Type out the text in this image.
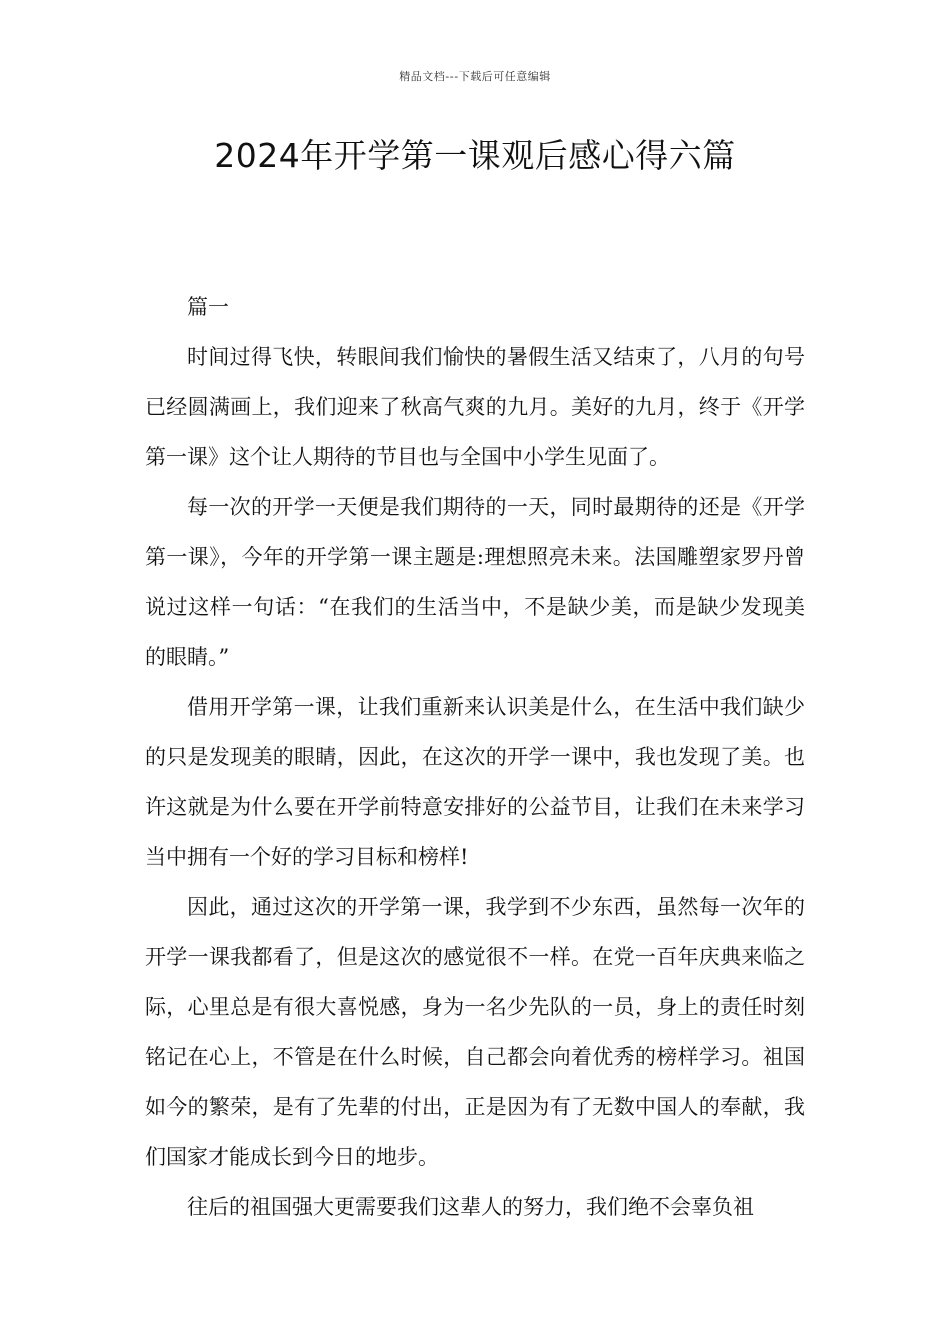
精品文档---下载后可任意编辑
2024年开学第一课观后感心得六篇

篇一

时间过得飞快，转眼间我们愉快的暑假生活又结束了，八月的句号已经圆满画上，我们迎来了秋高气爽的九月。美好的九月，终于《开学第一课》这个让人期待的节目也与全国中小学生见面了。

每一次的开学一天便是我们期待的一天，同时最期待的还是《开学第一课》，今年的开学第一课主题是:理想照亮未来。法国雕塑家罗丹曾说过这样一句话：“在我们的生活当中，不是缺少美，而是缺少发现美的眼睛。”

借用开学第一课，让我们重新来认识美是什么，在生活中我们缺少的只是发现美的眼睛，因此，在这次的开学一课中，我也发现了美。也许这就是为什么要在开学前特意安排好的公益节目，让我们在未来学习当中拥有一个好的学习目标和榜样!

因此，通过这次的开学第一课，我学到不少东西，虽然每一次年的开学一课我都看了，但是这次的感觉很不一样。在党一百年庆典来临之际，心里总是有很大喜悦感，身为一名少先队的一员，身上的责任时刻铭记在心上，不管是在什么时候，自己都会向着优秀的榜样学习。祖国如今的繁荣，是有了先辈的付出，正是因为有了无数中国人的奉献，我们国家才能成长到今日的地步。

往后的祖国强大更需要我们这辈人的努力，我们绝不会辜负祖
